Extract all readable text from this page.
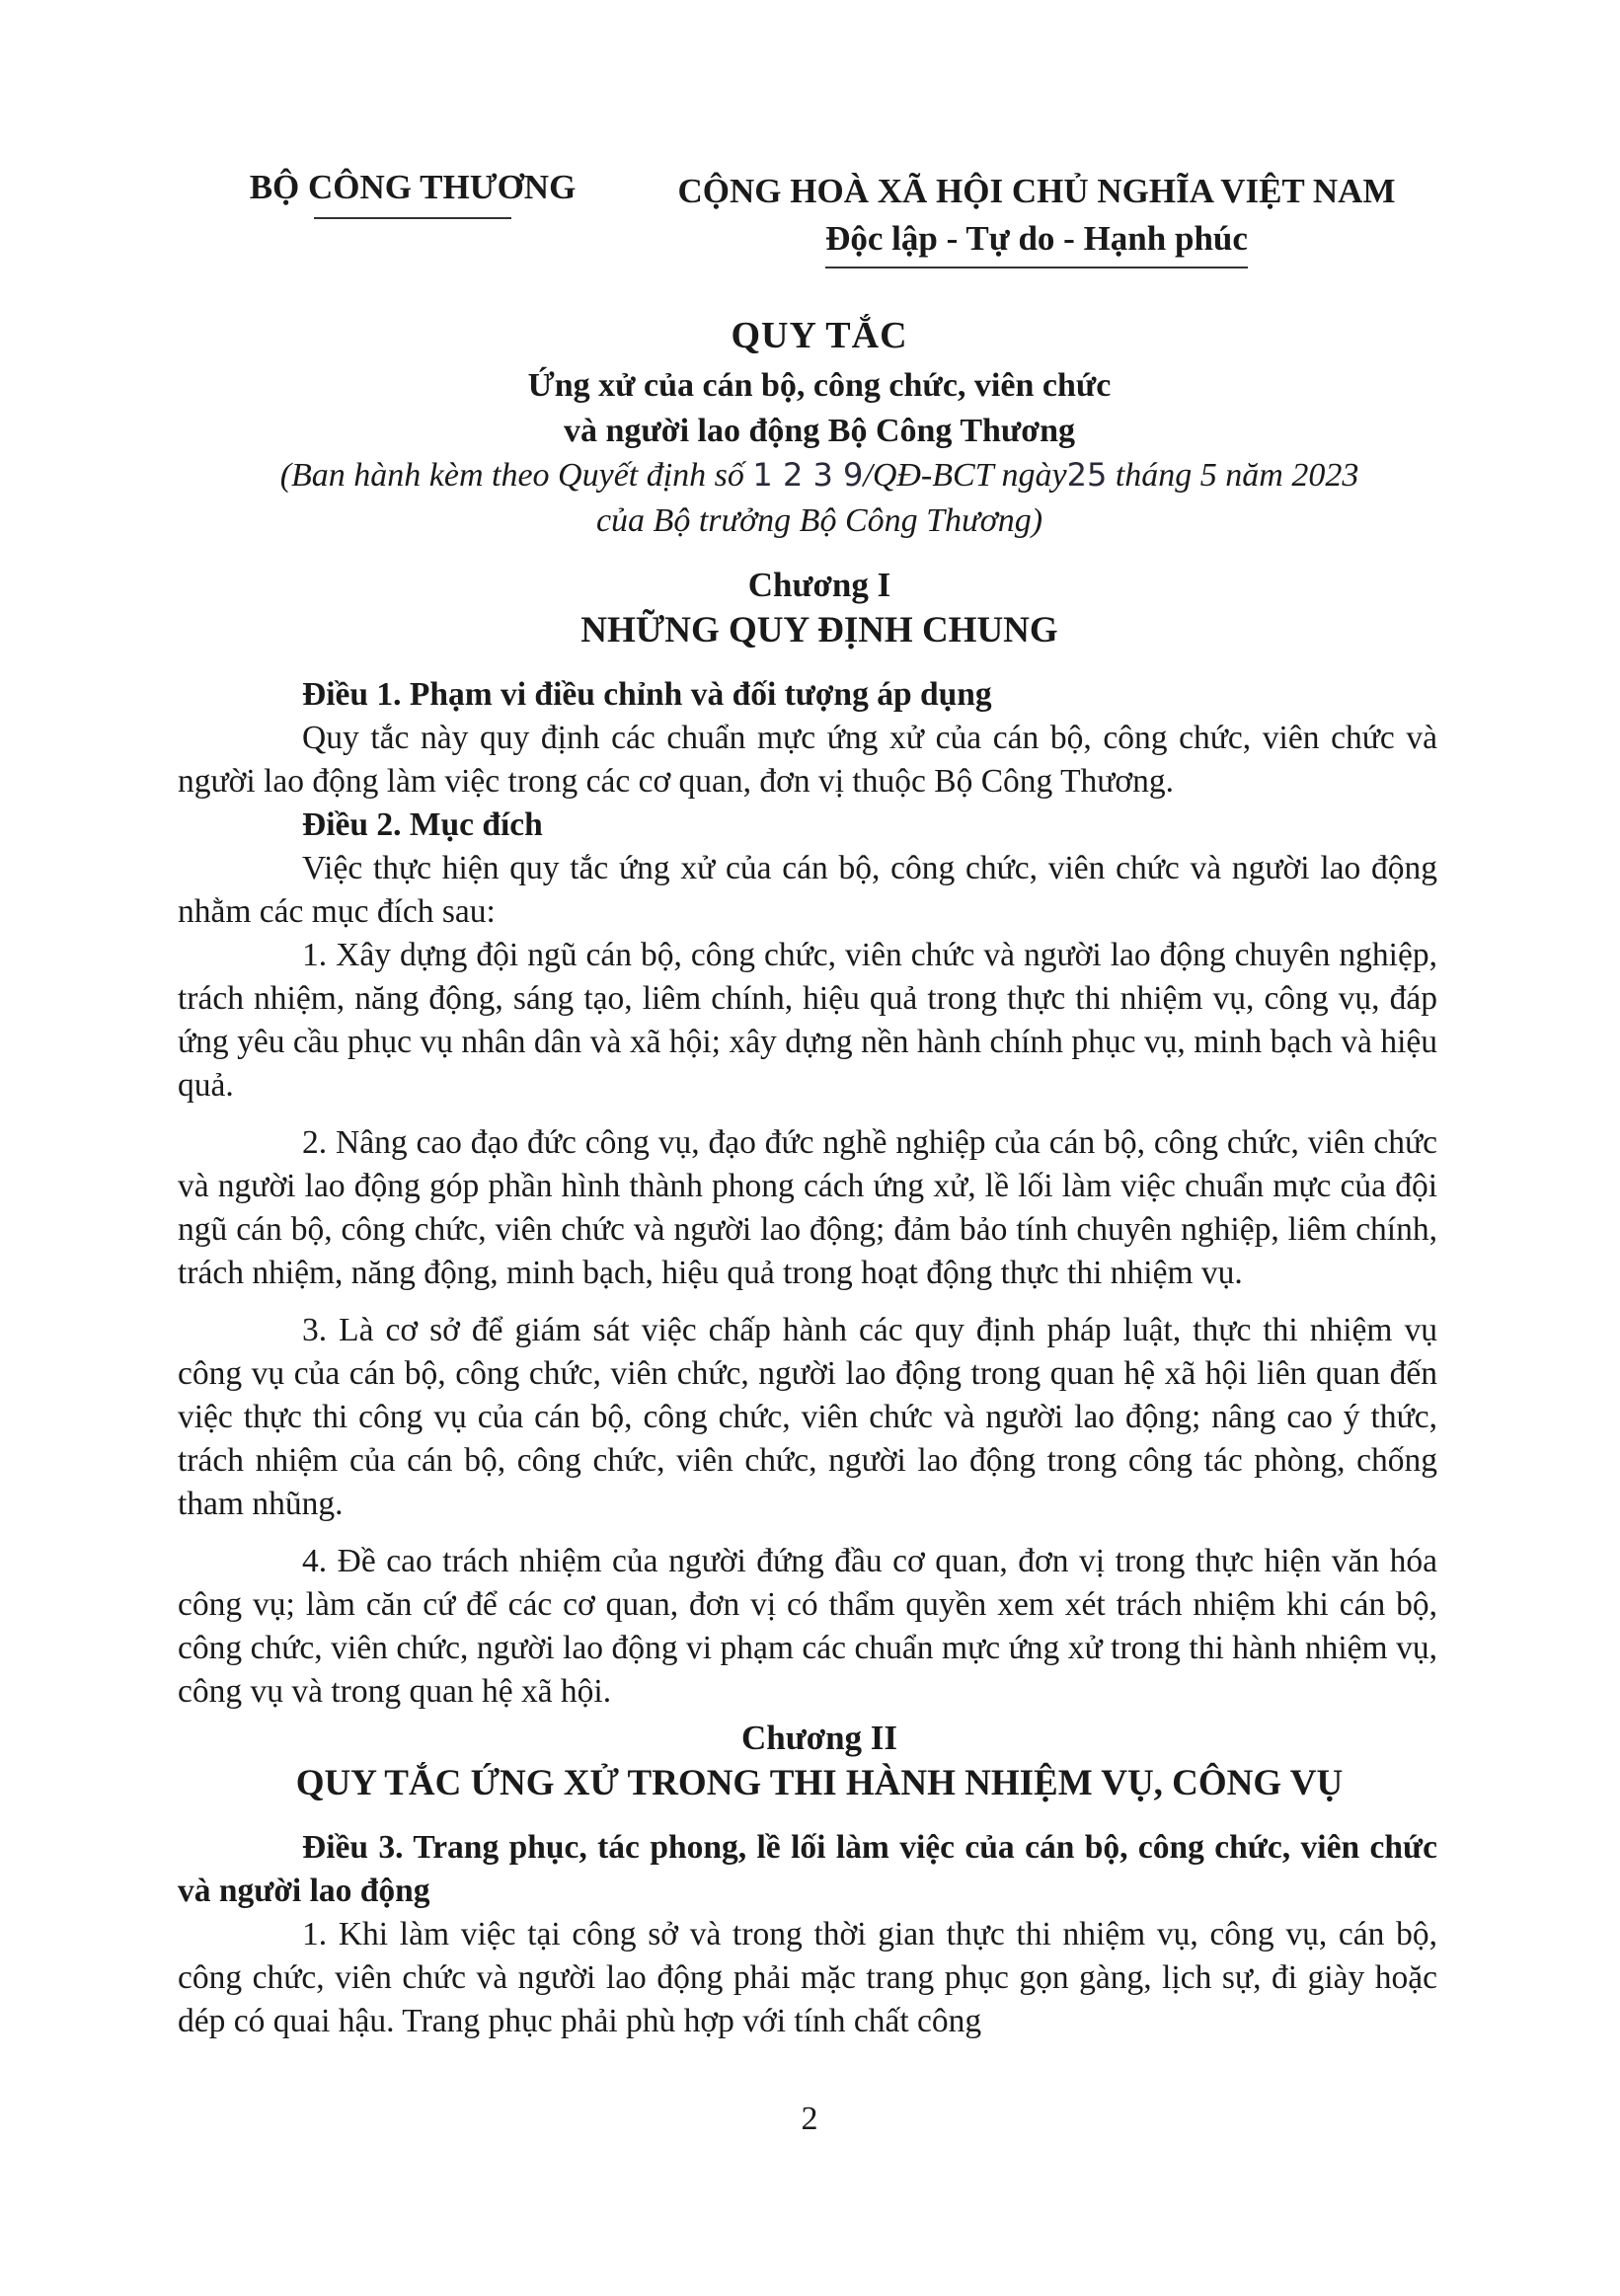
BỘ CÔNG THƯƠNG	CỘNG HOÀ XÃ HỘI CHỦ NGHĨA VIỆT NAM
Độc lập - Tự do - Hạnh phúc
QUY TẮC
Ứng xử của cán bộ, công chức, viên chức
và người lao động Bộ Công Thương
(Ban hành kèm theo Quyết định số 1 2 3 9/QĐ-BCT ngày25 tháng 5 năm 2023
của Bộ trưởng Bộ Công Thương)
Chương I
NHỮNG QUY ĐỊNH CHUNG

Điều 1. Phạm vi điều chỉnh và đối tượng áp dụng

Quy tắc này quy định các chuẩn mực ứng xử của cán bộ, công chức, viên chức và người lao động làm việc trong các cơ quan, đơn vị thuộc Bộ Công Thương.

Điều 2. Mục đích

Việc thực hiện quy tắc ứng xử của cán bộ, công chức, viên chức và người lao động nhằm các mục đích sau:

1. Xây dựng đội ngũ cán bộ, công chức, viên chức và người lao động chuyên nghiệp, trách nhiệm, năng động, sáng tạo, liêm chính, hiệu quả trong thực thi nhiệm vụ, công vụ, đáp ứng yêu cầu phục vụ nhân dân và xã hội; xây dựng nền hành chính phục vụ, minh bạch và hiệu quả.

2. Nâng cao đạo đức công vụ, đạo đức nghề nghiệp của cán bộ, công chức, viên chức và người lao động góp phần hình thành phong cách ứng xử, lề lối làm việc chuẩn mực của đội ngũ cán bộ, công chức, viên chức và người lao động; đảm bảo tính chuyên nghiệp, liêm chính, trách nhiệm, năng động, minh bạch, hiệu quả trong hoạt động thực thi nhiệm vụ.

3. Là cơ sở để giám sát việc chấp hành các quy định pháp luật, thực thi nhiệm vụ công vụ của cán bộ, công chức, viên chức, người lao động trong quan hệ xã hội liên quan đến việc thực thi công vụ của cán bộ, công chức, viên chức và người lao động; nâng cao ý thức, trách nhiệm của cán bộ, công chức, viên chức, người lao động trong công tác phòng, chống tham nhũng.

4. Đề cao trách nhiệm của người đứng đầu cơ quan, đơn vị trong thực hiện văn hóa công vụ; làm căn cứ để các cơ quan, đơn vị có thẩm quyền xem xét trách nhiệm khi cán bộ, công chức, viên chức, người lao động vi phạm các chuẩn mực ứng xử trong thi hành nhiệm vụ, công vụ và trong quan hệ xã hội.

Chương II
QUY TẮC ỨNG XỬ TRONG THI HÀNH NHIỆM VỤ, CÔNG VỤ

Điều 3. Trang phục, tác phong, lề lối làm việc của cán bộ, công chức, viên chức và người lao động

1. Khi làm việc tại công sở và trong thời gian thực thi nhiệm vụ, công vụ, cán bộ, công chức, viên chức và người lao động phải mặc trang phục gọn gàng, lịch sự, đi giày hoặc dép có quai hậu. Trang phục phải phù hợp với tính chất công

2
